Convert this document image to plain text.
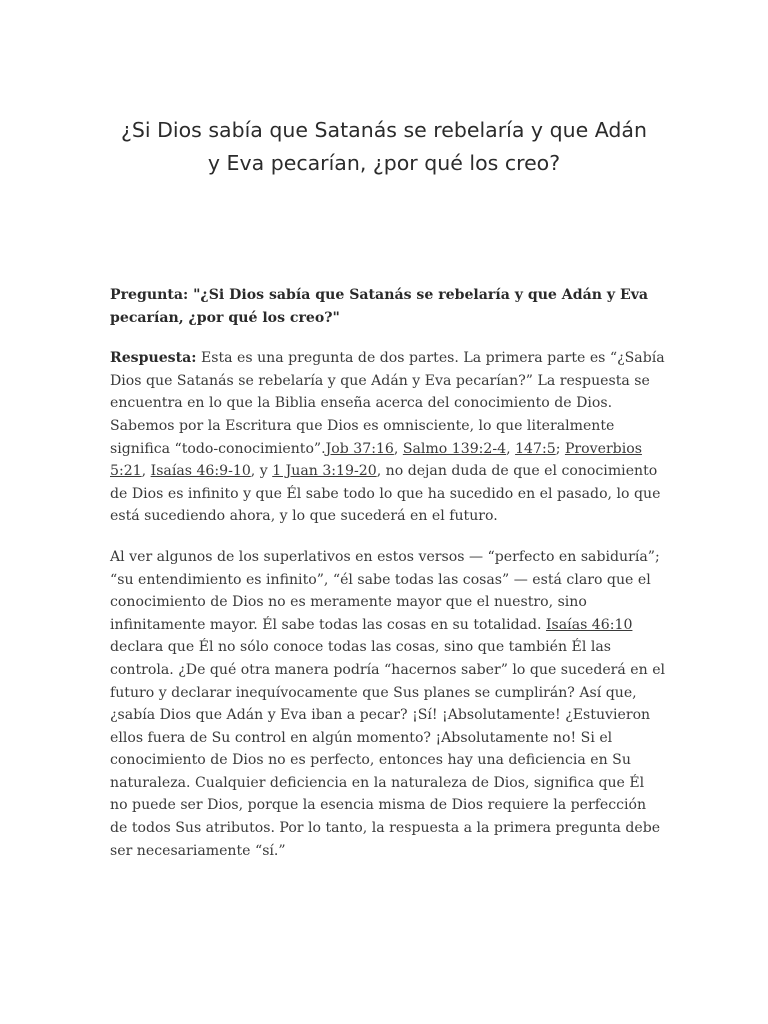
¿Si Dios sabía que Satanás se rebelaría y que Adán
y Eva pecarían, ¿por qué los creo?

Pregunta: "¿Si Dios sabía que Satanás se rebelaría y que Adán y Eva pecarían, ¿por qué los creo?"

Respuesta: Esta es una pregunta de dos partes. La primera parte es “¿Sabía Dios que Satanás se rebelaría y que Adán y Eva pecarían?” La respuesta se encuentra en lo que la Biblia enseña acerca del conocimiento de Dios. Sabemos por la Escritura que Dios es omnisciente, lo que literalmente significa “todo-conocimiento”.Job 37:16, Salmo 139:2-4, 147:5; Proverbios 5:21, Isaías 46:9-10, y 1 Juan 3:19-20, no dejan duda de que el conocimiento de Dios es infinito y que Él sabe todo lo que ha sucedido en el pasado, lo que está sucediendo ahora, y lo que sucederá en el futuro.

Al ver algunos de los superlativos en estos versos — “perfecto en sabiduría”; “su entendimiento es infinito”, “él sabe todas las cosas” — está claro que el conocimiento de Dios no es meramente mayor que el nuestro, sino infinitamente mayor. Él sabe todas las cosas en su totalidad. Isaías 46:10 declara que Él no sólo conoce todas las cosas, sino que también Él las controla. ¿De qué otra manera podría “hacernos saber” lo que sucederá en el futuro y declarar inequívocamente que Sus planes se cumplirán? Así que, ¿sabía Dios que Adán y Eva iban a pecar? ¡Sí! ¡Absolutamente! ¿Estuvieron ellos fuera de Su control en algún momento? ¡Absolutamente no! Si el conocimiento de Dios no es perfecto, entonces hay una deficiencia en Su naturaleza. Cualquier deficiencia en la naturaleza de Dios, significa que Él no puede ser Dios, porque la esencia misma de Dios requiere la perfección de todos Sus atributos. Por lo tanto, la respuesta a la primera pregunta debe ser necesariamente “sí.”
